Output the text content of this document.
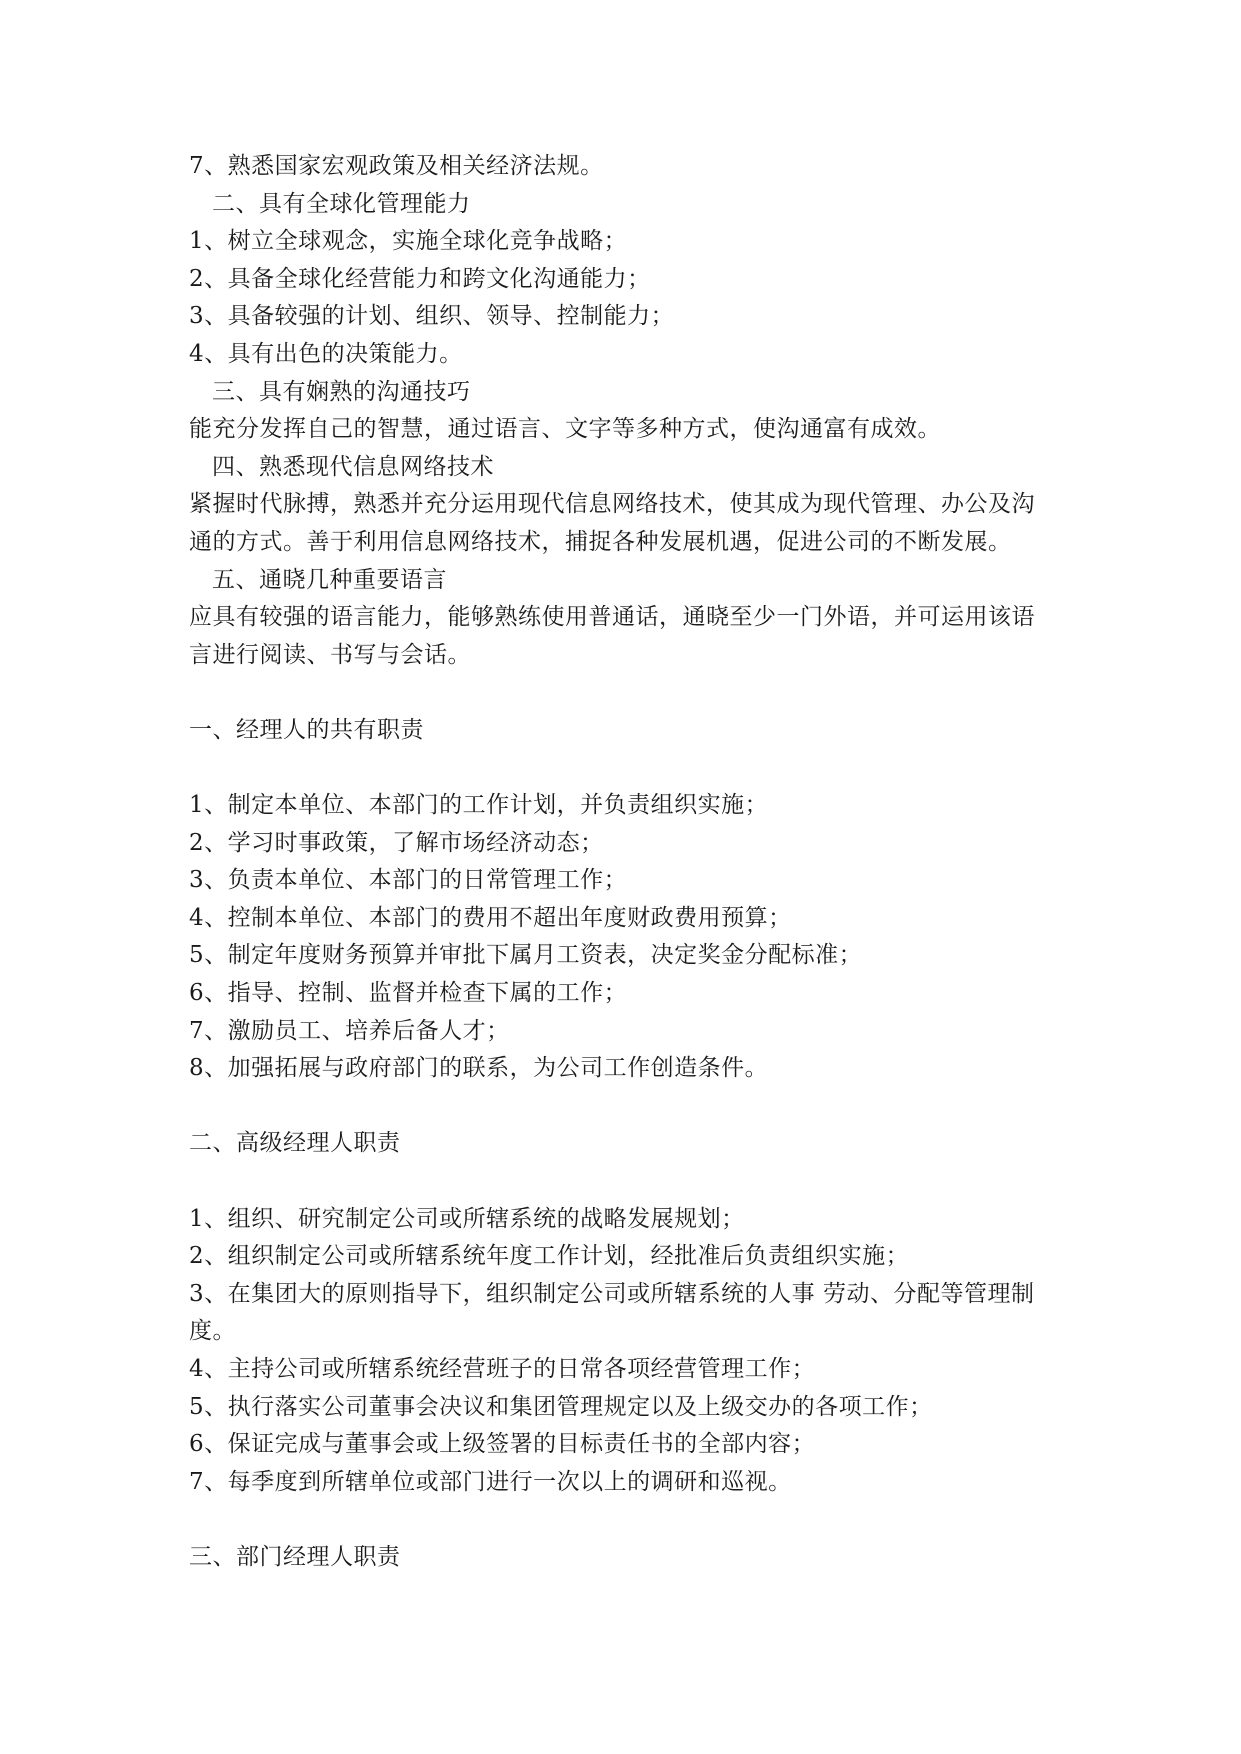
7、熟悉国家宏观政策及相关经济法规。
二、具有全球化管理能力
1、树立全球观念，实施全球化竞争战略；
2、具备全球化经营能力和跨文化沟通能力；
3、具备较强的计划、组织、领导、控制能力；
4、具有出色的决策能力。
三、具有娴熟的沟通技巧
能充分发挥自己的智慧，通过语言、文字等多种方式，使沟通富有成效。
四、熟悉现代信息网络技术
紧握时代脉搏，熟悉并充分运用现代信息网络技术，使其成为现代管理、办公及沟
通的方式。善于利用信息网络技术，捕捉各种发展机遇，促进公司的不断发展。
五、通晓几种重要语言
应具有较强的语言能力，能够熟练使用普通话，通晓至少一门外语，并可运用该语
言进行阅读、书写与会话。
一、经理人的共有职责
1、制定本单位、本部门的工作计划，并负责组织实施；
2、学习时事政策，了解市场经济动态；
3、负责本单位、本部门的日常管理工作；
4、控制本单位、本部门的费用不超出年度财政费用预算；
5、制定年度财务预算并审批下属月工资表，决定奖金分配标准；
6、指导、控制、监督并检查下属的工作；
7、激励员工、培养后备人才；
8、加强拓展与政府部门的联系，为公司工作创造条件。
二、高级经理人职责
1、组织、研究制定公司或所辖系统的战略发展规划；
2、组织制定公司或所辖系统年度工作计划，经批准后负责组织实施；
3、在集团大的原则指导下，组织制定公司或所辖系统的人事 劳动、分配等管理制
度。
4、主持公司或所辖系统经营班子的日常各项经营管理工作；
5、执行落实公司董事会决议和集团管理规定以及上级交办的各项工作；
6、保证完成与董事会或上级签署的目标责任书的全部内容；
7、每季度到所辖单位或部门进行一次以上的调研和巡视。
三、部门经理人职责
